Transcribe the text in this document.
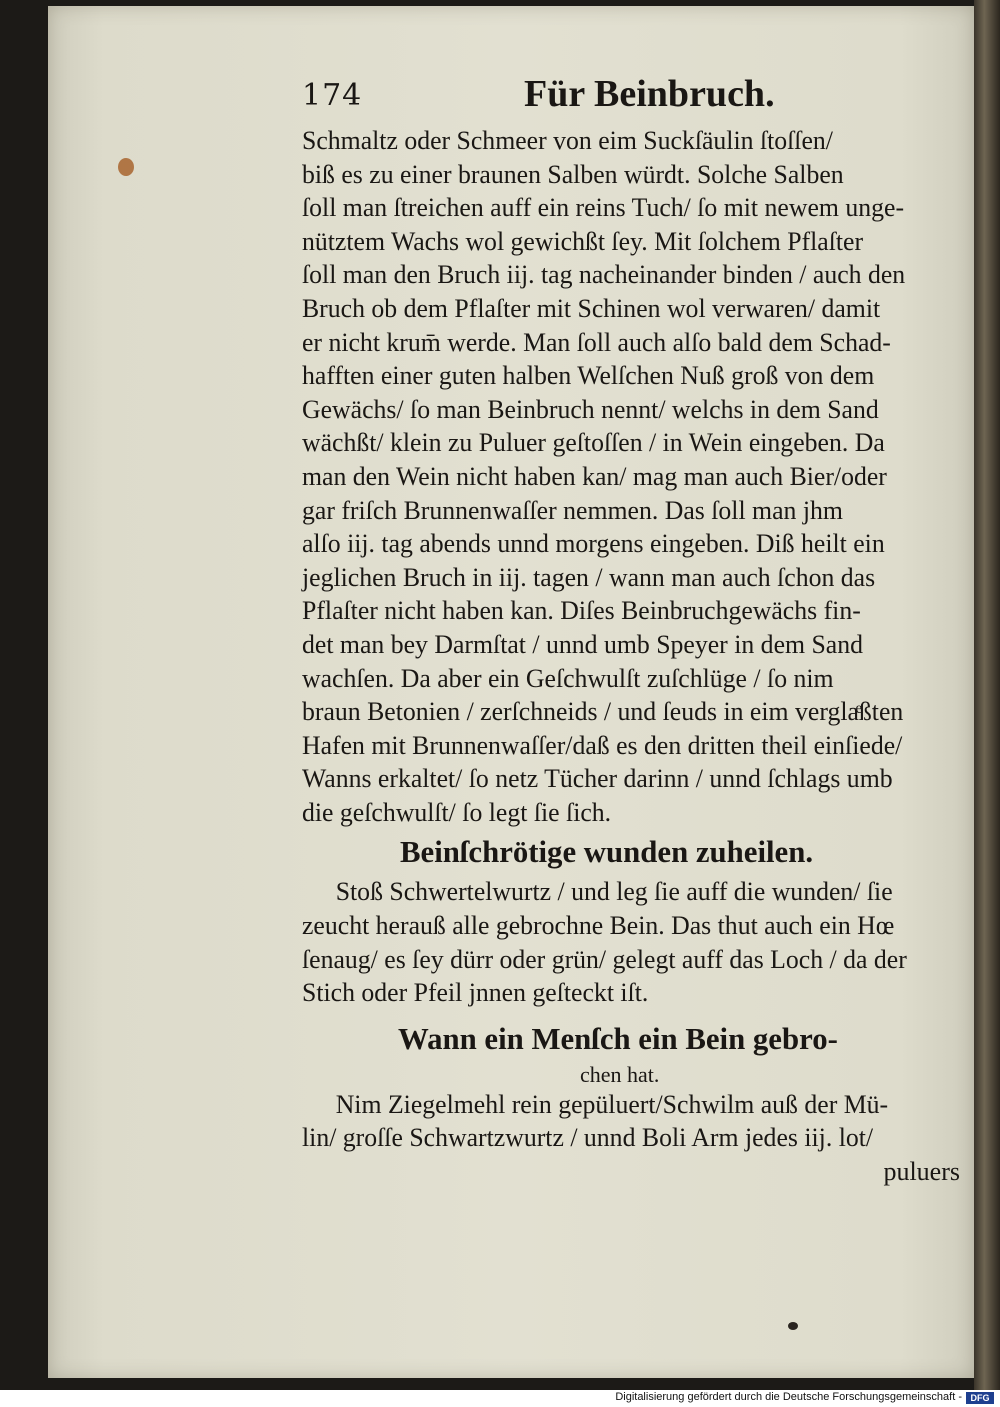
174	Für Beinbruch.
Schmaltz oder Schmeer von eim Suckſäulin ſtoſſen/
biß es zu einer braunen Salben würdt. Solche Salben
ſoll man ſtreichen auff ein reins Tuch/ ſo mit newem unge-
nütztem Wachs wol gewichßt ſey. Mit ſolchem Pflaſter
ſoll man den Bruch iij. tag nacheinander binden / auch den
Bruch ob dem Pflaſter mit Schinen wol verwaren/ damit
er nicht krum̄ werde. Man ſoll auch alſo bald dem Schad-
hafften einer guten halben Welſchen Nuß groß von dem
Gewächs/ ſo man Beinbruch nennt/ welchs in dem Sand
wächßt/ klein zu Puluer geſtoſſen / in Wein eingeben. Da
man den Wein nicht haben kan/ mag man auch Bier/oder
gar friſch Brunnenwaſſer nemmen. Das ſoll man jhm
alſo iij. tag abends unnd morgens eingeben. Diß heilt ein
jeglichen Bruch in iij. tagen / wann man auch ſchon das
Pflaſter nicht haben kan. Diſes Beinbruchgewächs fin-
det man bey Darmſtat / unnd umb Speyer in dem Sand
wachſen. Da aber ein Geſchwulſt zuſchlüge / ſo nim
braun Betonien / zerſchneids / und ſeuds in eim verglaͤßten
Hafen mit Brunnenwaſſer/daß es den dritten theil einſiede/
Wanns erkaltet/ ſo netz Tücher darinn / unnd ſchlags umb
die geſchwulſt/ ſo legt ſie ſich.
Beinſchrötige wunden zuheilen.
Stoß Schwertelwurtz / und leg ſie auff die wunden/ ſie
zeucht herauß alle gebrochne Bein. Das thut auch ein Hœ
ſenaug/ es ſey dürr oder grün/ gelegt auff das Loch / da der
Stich oder Pfeil jnnen geſteckt iſt.
Wann ein Menſch ein Bein gebro-
chen hat.
Nim Ziegelmehl rein gepüluert/Schwilm auß der Mü-
lin/ groſſe Schwartzwurtz / unnd Boli Arm jedes iij. lot/
puluers
Digitalisierung gefördert durch die Deutsche Forschungsgemeinschaft - DFG
